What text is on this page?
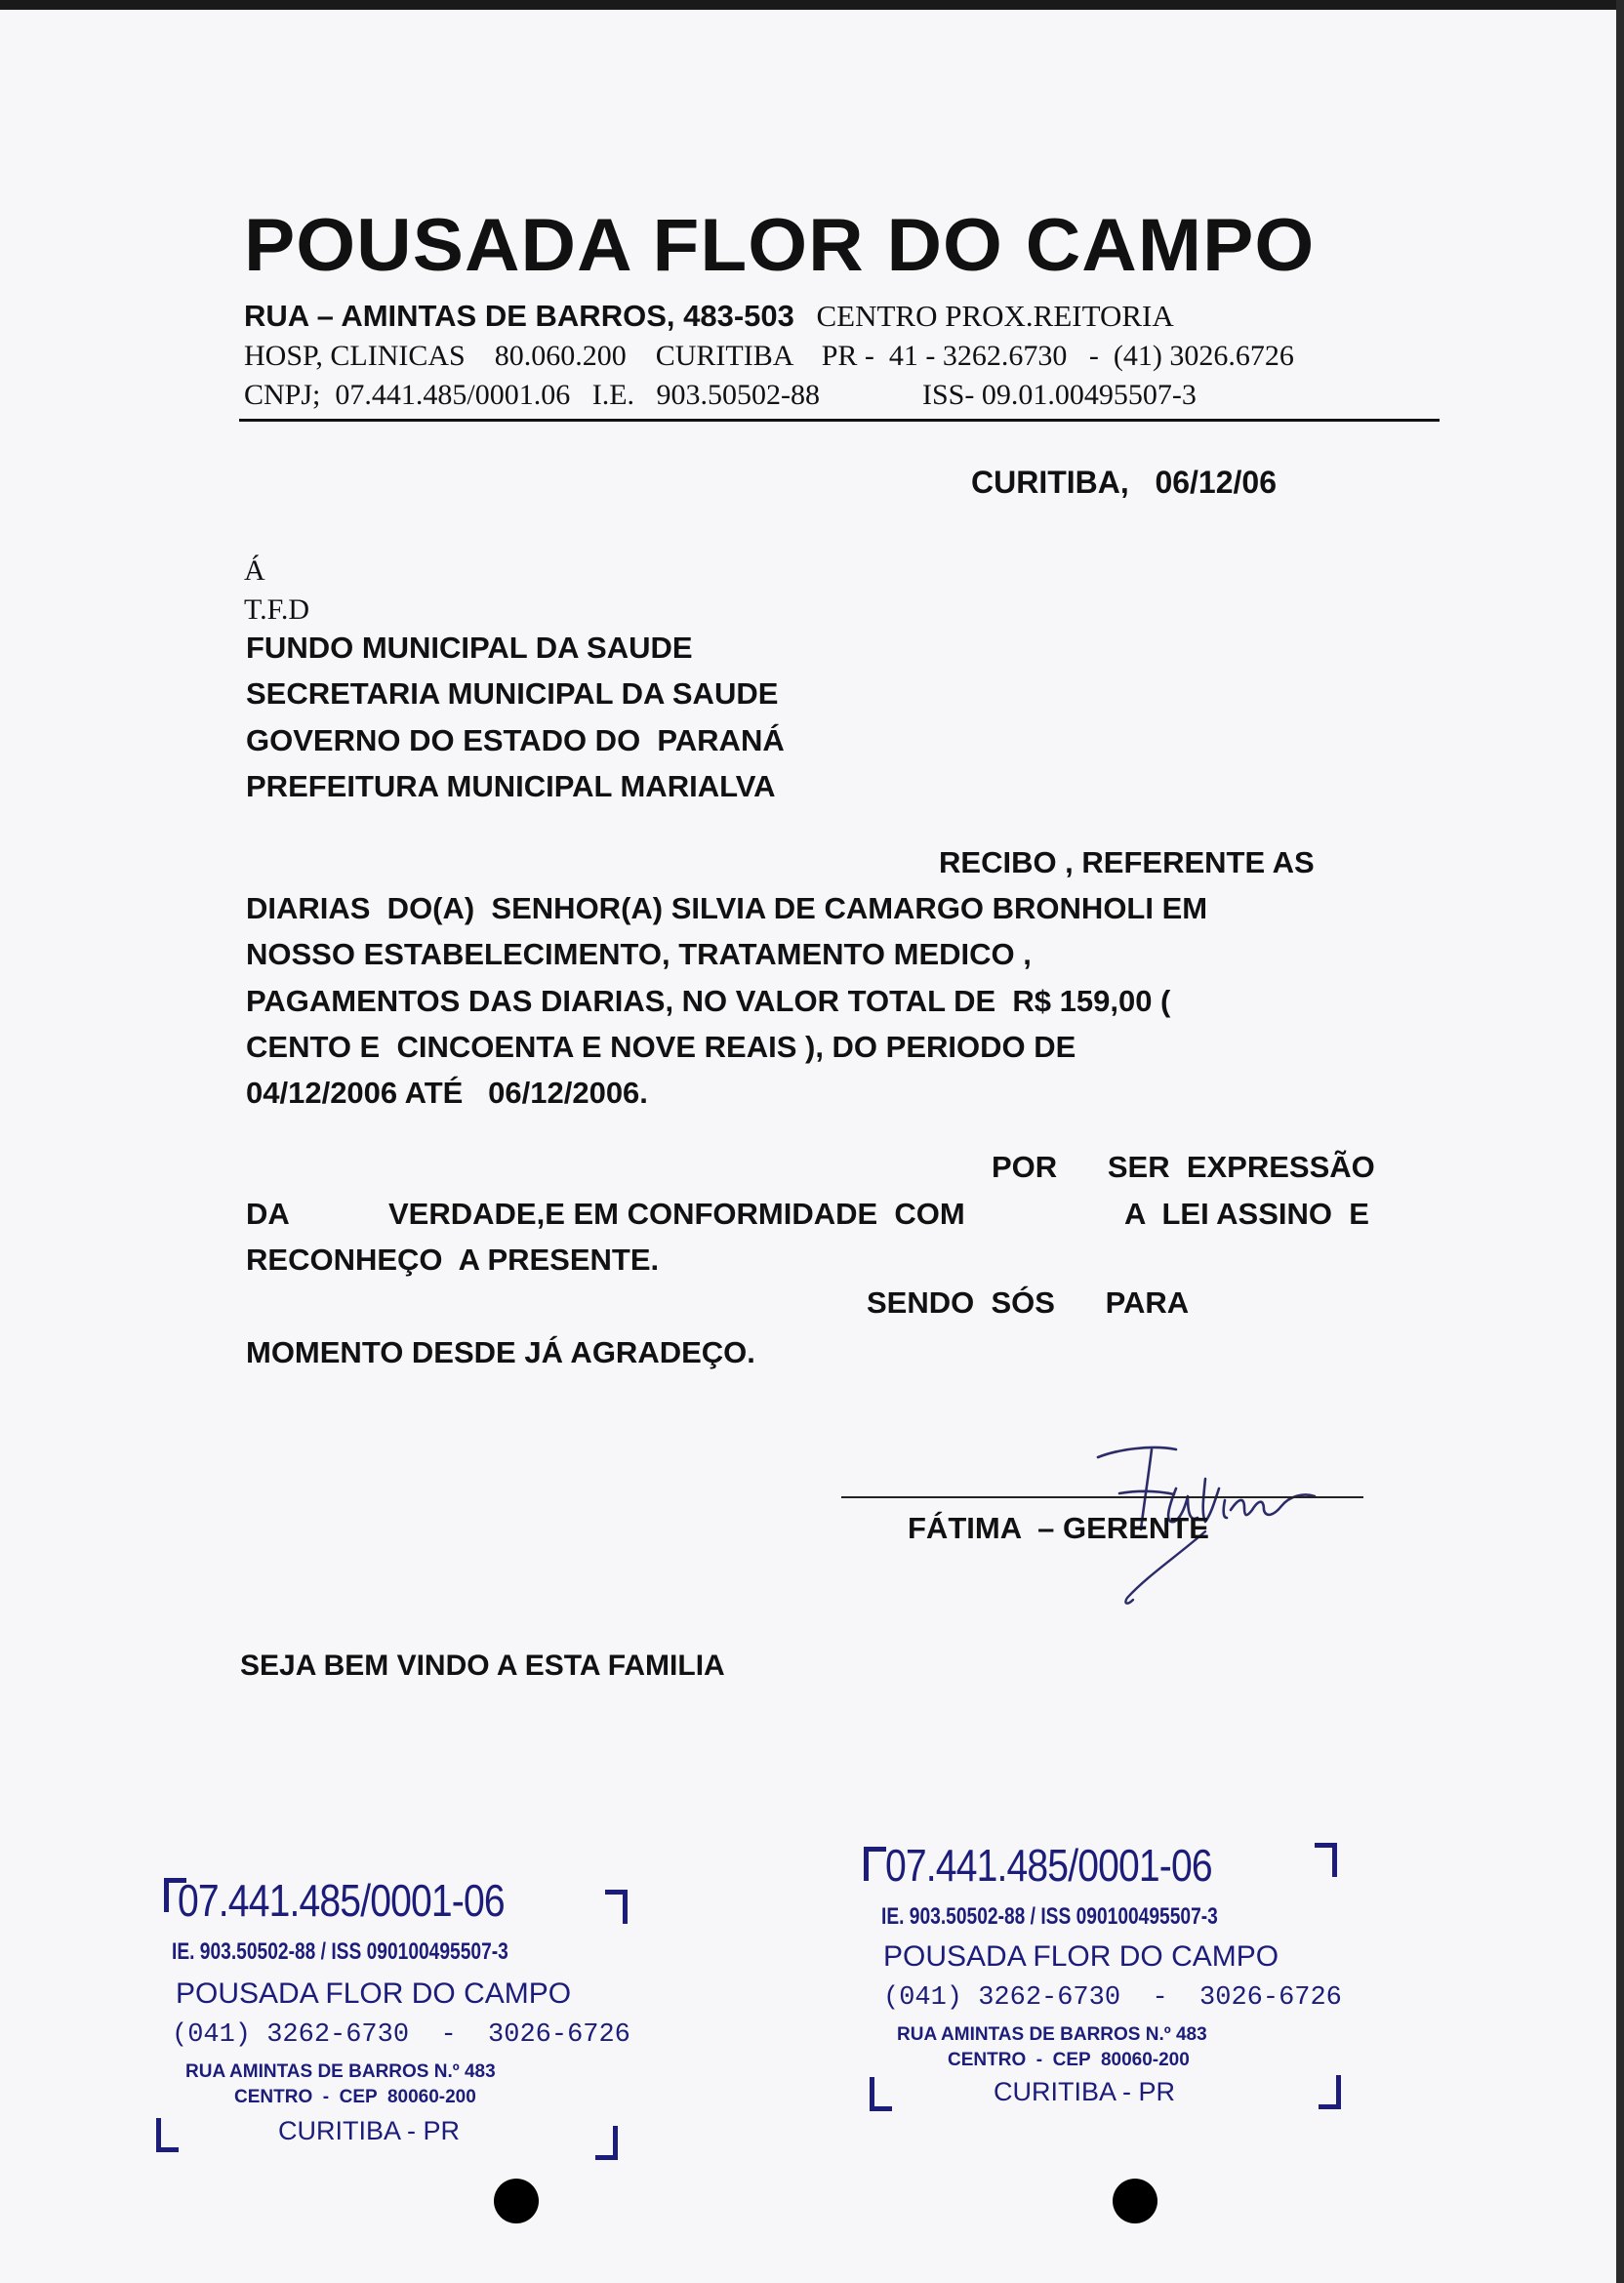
POUSADA FLOR DO CAMPO
RUA – AMINTAS DE BARROS, 483-503 CENTRO PROX.REITORIA
HOSP, CLINICAS    80.060.200    CURITIBA    PR -  41 - 3262.6730   -  (41) 3026.6726
CNPJ;  07.441.485/0001.06   I.E.   903.50502-88              ISS- 09.01.00495507-3
CURITIBA,   06/12/06
Á
T.F.D
FUNDO MUNICIPAL DA SAUDE
SECRETARIA MUNICIPAL DA SAUDE
GOVERNO DO ESTADO DO  PARANÁ
PREFEITURA MUNICIPAL MARIALVA
RECIBO , REFERENTE AS
DIARIAS  DO(A)  SENHOR(A) SILVIA DE CAMARGO BRONHOLI EM
NOSSO ESTABELECIMENTO, TRATAMENTO MEDICO ,
PAGAMENTOS DAS DIARIAS, NO VALOR TOTAL DE  R$ 159,00 (
CENTO E  CINCOENTA E NOVE REAIS ), DO PERIODO DE
04/12/2006 ATÉ   06/12/2006.
POR      SER  EXPRESSÃO
DA	VERDADE,E EM CONFORMIDADE  COM	A  LEI ASSINO  E
RECONHEÇO  A PRESENTE.
SENDO  SÓS      PARA
MOMENTO DESDE JÁ AGRADEÇO.
FÁTIMA  – GERENTE
SEJA BEM VINDO A ESTA FAMILIA
07.441.485/0001-06
IE. 903.50502-88 / ISS 090100495507-3
POUSADA FLOR DO CAMPO
(041) 3262-6730  -  3026-6726
RUA AMINTAS DE BARROS N.º 483
CENTRO  -  CEP  80060-200
CURITIBA - PR
07.441.485/0001-06
IE. 903.50502-88 / ISS 090100495507-3
POUSADA FLOR DO CAMPO
(041) 3262-6730  -  3026-6726
RUA AMINTAS DE BARROS N.º 483
CENTRO  -  CEP  80060-200
CURITIBA - PR
